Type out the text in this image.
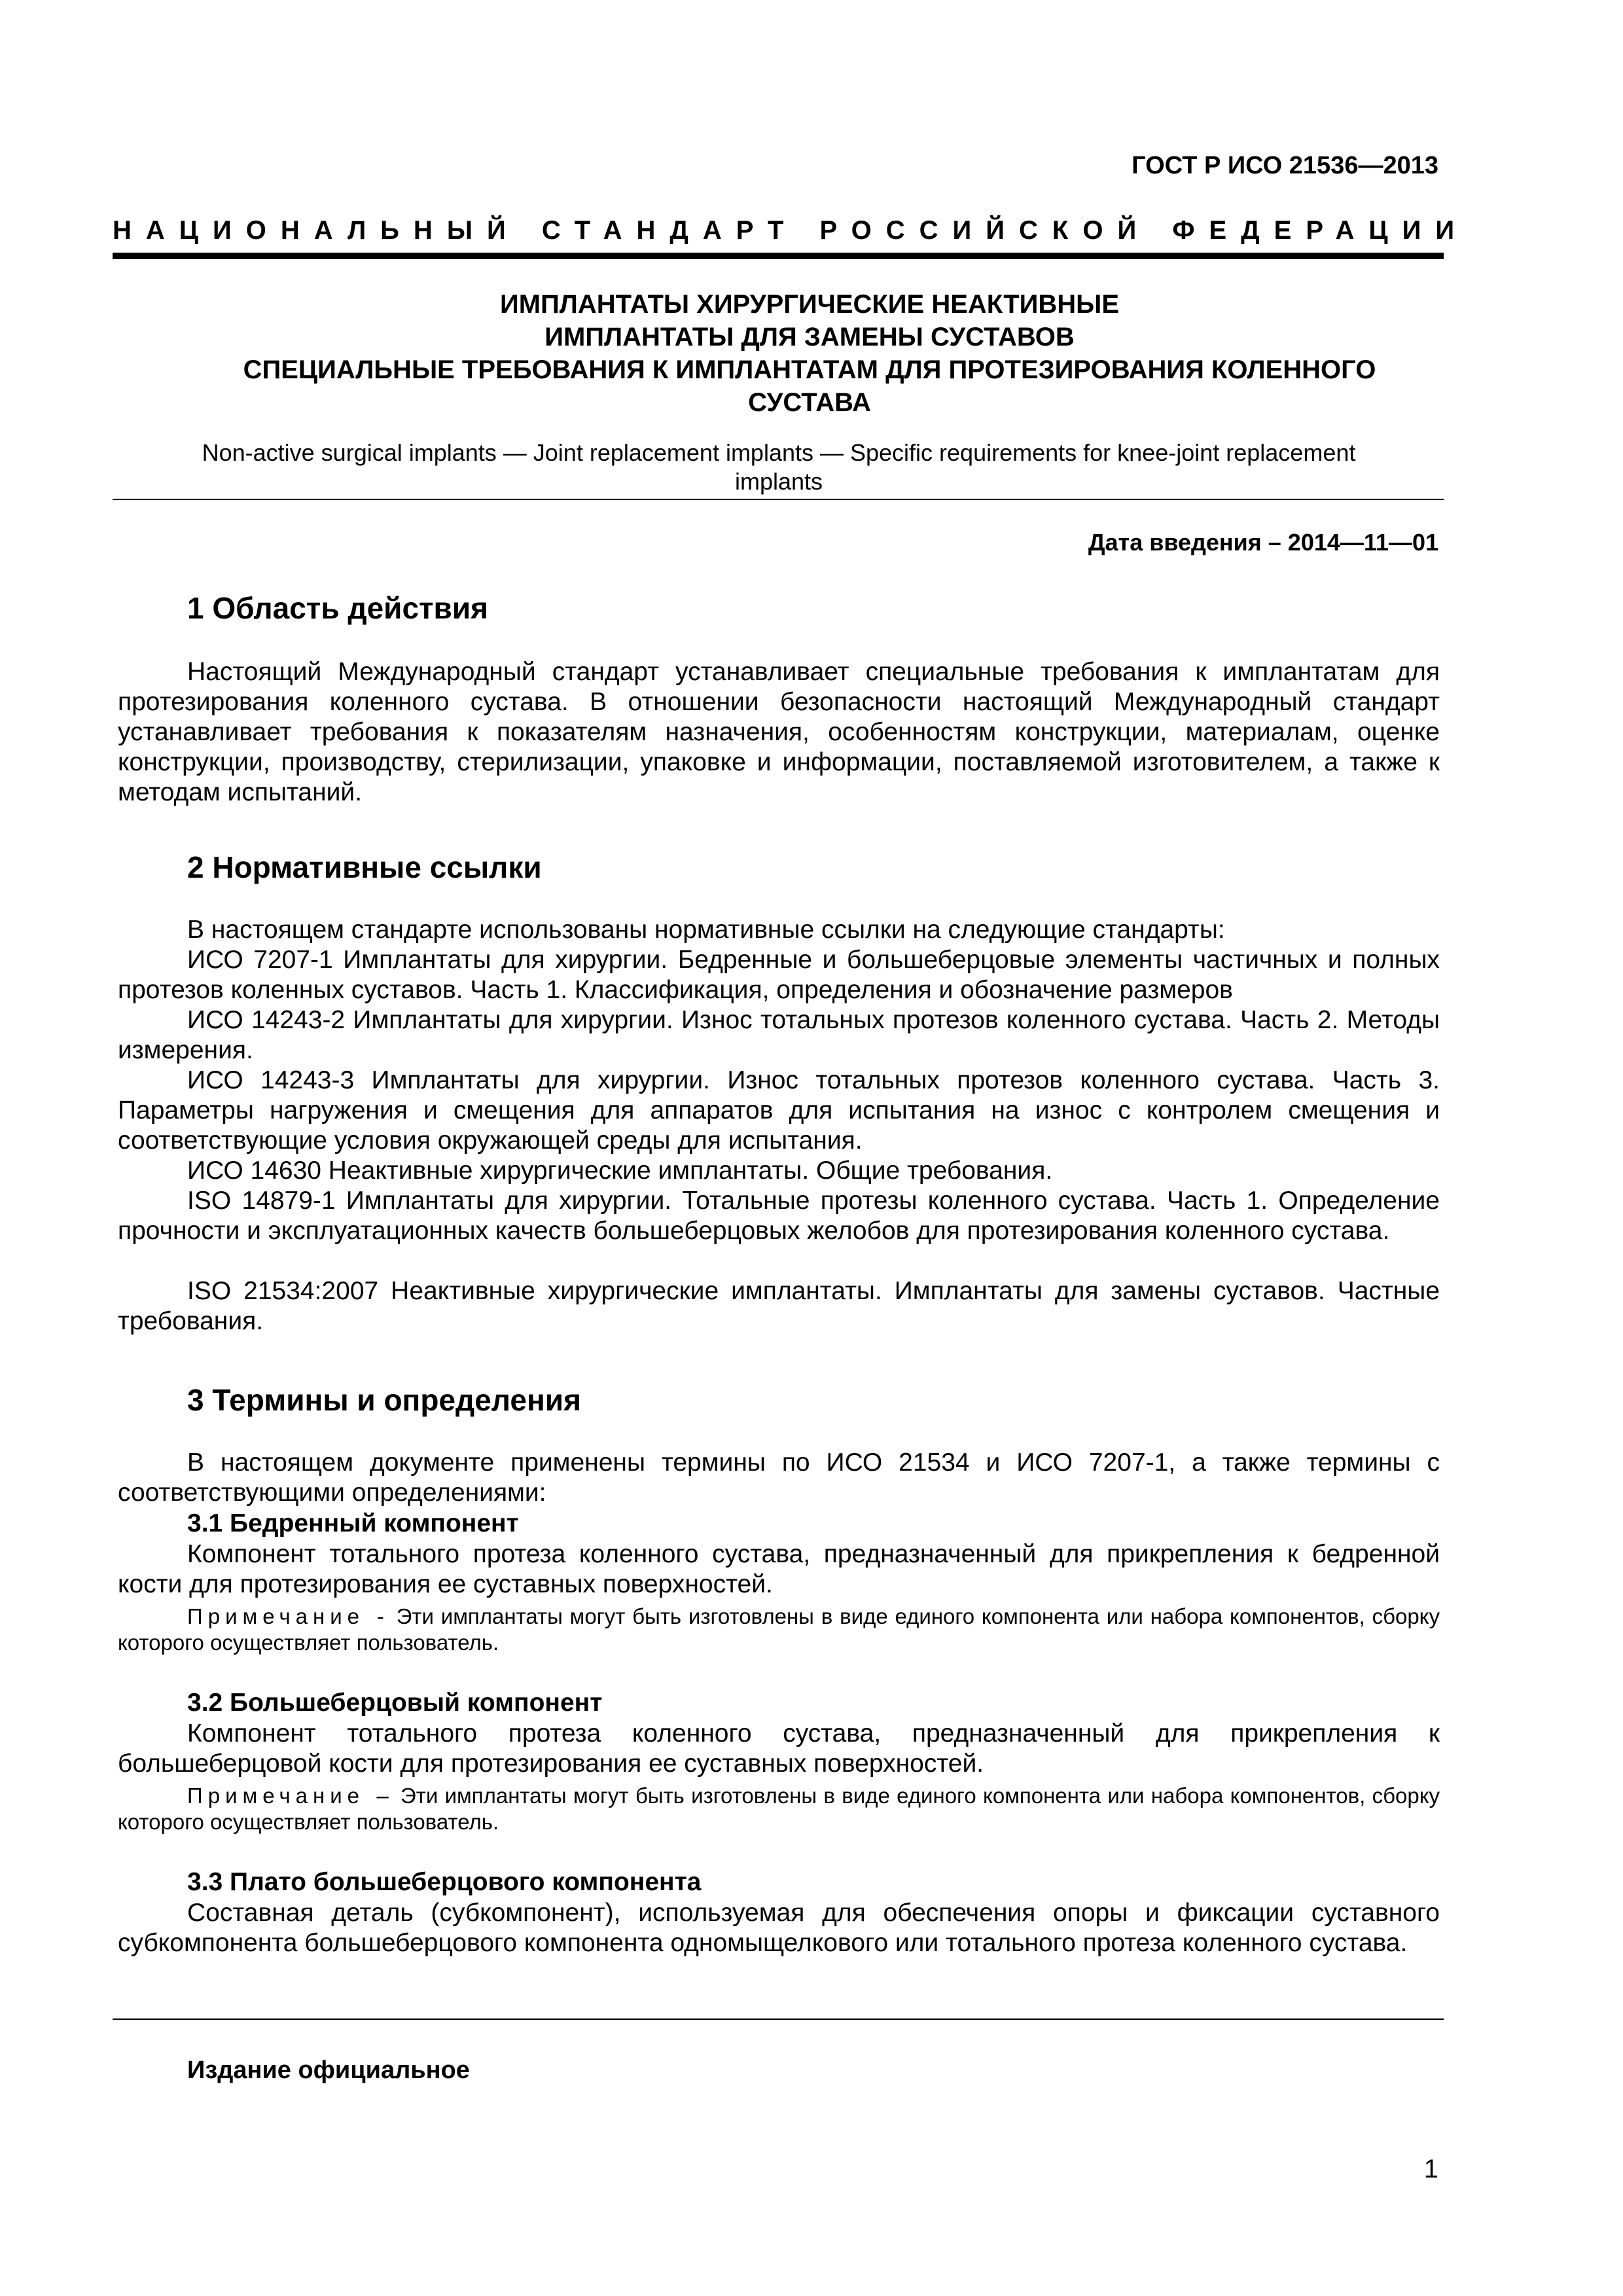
ГОСТ Р ИСО 21536—2013
НАЦИОНАЛЬНЫЙ СТАНДАРТ РОССИЙСКОЙ ФЕДЕРАЦИИ
ИМПЛАНТАТЫ ХИРУРГИЧЕСКИЕ НЕАКТИВНЫЕ
ИМПЛАНТАТЫ ДЛЯ ЗАМЕНЫ СУСТАВОВ
СПЕЦИАЛЬНЫЕ ТРЕБОВАНИЯ К ИМПЛАНТАТАМ ДЛЯ ПРОТЕЗИРОВАНИЯ КОЛЕННОГО
СУСТАВА
Non-active surgical implants — Joint replacement implants — Specific requirements for knee-joint replacement implants
Дата введения – 2014—11—01
1 Область действия
Настоящий Международный стандарт устанавливает специальные требования к имплантатам для протезирования коленного сустава. В отношении безопасности настоящий Международный стандарт устанавливает требования к показателям назначения, особенностям конструкции, материалам, оценке конструкции, производству, стерилизации, упаковке и информации, поставляемой изготовителем, а также к методам испытаний.
2 Нормативные ссылки
В настоящем стандарте использованы нормативные ссылки на следующие стандарты:
ИСО 7207-1 Имплантаты для хирургии. Бедренные и большеберцовые элементы частичных и полных протезов коленных суставов. Часть 1. Классификация, определения и обозначение размеров
ИСО 14243-2 Имплантаты для хирургии. Износ тотальных протезов коленного сустава. Часть 2. Методы измерения.
ИСО 14243-3 Имплантаты для хирургии. Износ тотальных протезов коленного сустава. Часть 3. Параметры нагружения и смещения для аппаратов для испытания на износ с контролем смещения и соответствующие условия окружающей среды для испытания.
ИСО 14630 Неактивные хирургические имплантаты. Общие требования.
ISO 14879-1 Имплантаты для хирургии. Тотальные протезы коленного сустава. Часть 1. Определение прочности и эксплуатационных качеств большеберцовых желобов для протезирования коленного сустава.
ISO 21534:2007 Неактивные хирургические имплантаты. Имплантаты для замены суставов. Частные требования.
3 Термины и определения
В настоящем документе применены термины по ИСО 21534 и ИСО 7207-1, а также термины с соответствующими определениями:
3.1 Бедренный компонент
Компонент тотального протеза коленного сустава, предназначенный для прикрепления к бедренной кости для протезирования ее суставных поверхностей.
Примечание - Эти имплантаты могут быть изготовлены в виде единого компонента или набора компонентов, сборку которого осуществляет пользователь.
3.2 Большеберцовый компонент
Компонент тотального протеза коленного сустава, предназначенный для прикрепления к большеберцовой кости для протезирования ее суставных поверхностей.
Примечание – Эти имплантаты могут быть изготовлены в виде единого компонента или набора компонентов, сборку которого осуществляет пользователь.
3.3 Плато большеберцового компонента
Составная деталь (субкомпонент), используемая для обеспечения опоры и фиксации суставного субкомпонента большеберцового компонента одномыщелкового или тотального протеза коленного сустава.
Издание официальное
1
